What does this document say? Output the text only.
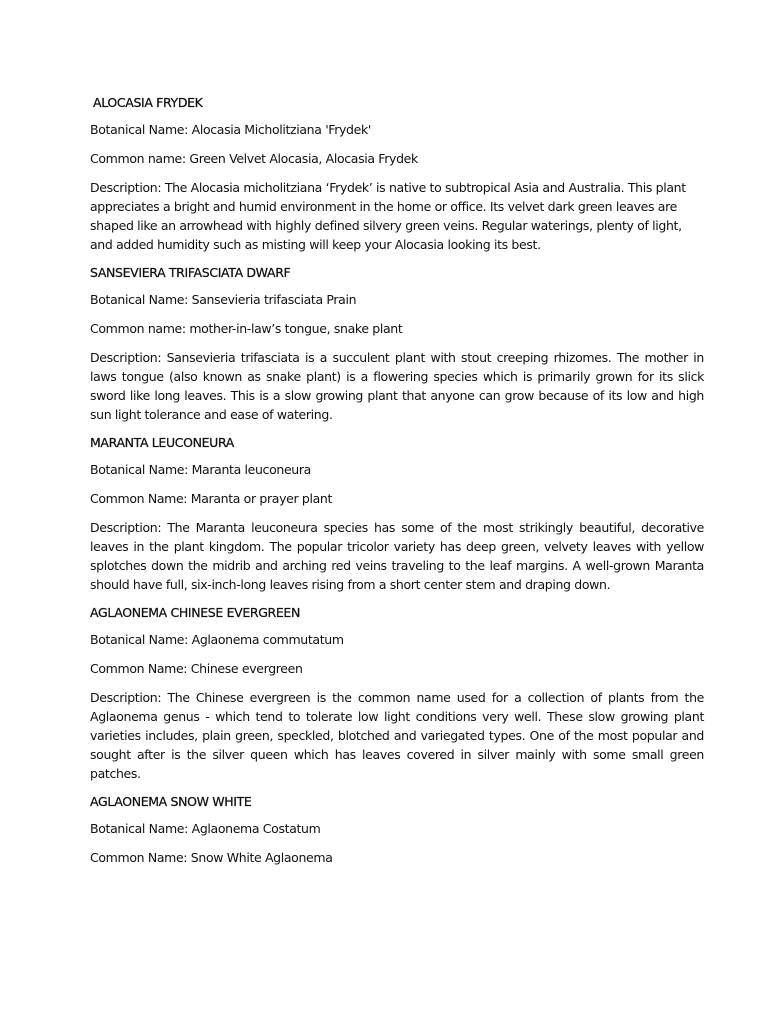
ALOCASIA FRYDEK
Botanical Name: Alocasia Micholitziana 'Frydek'
Common name: Green Velvet Alocasia, Alocasia Frydek
Description: The Alocasia micholitziana ‘Frydek’ is native to subtropical Asia and Australia. This plant appreciates a bright and humid environment in the home or office. Its velvet dark green leaves are shaped like an arrowhead with highly defined silvery green veins. Regular waterings, plenty of light, and added humidity such as misting will keep your Alocasia looking its best.
SANSEVIERA TRIFASCIATA DWARF
Botanical Name: Sansevieria trifasciata Prain
Common name: mother-in-law’s tongue, snake plant
Description: Sansevieria trifasciata is a succulent plant with stout creeping rhizomes. The mother in laws tongue (also known as snake plant) is a flowering species which is primarily grown for its slick sword like long leaves. This is a slow growing plant that anyone can grow because of its low and high sun light tolerance and ease of watering.
MARANTA LEUCONEURA
Botanical Name: Maranta leuconeura
Common Name: Maranta or prayer plant
Description: The Maranta leuconeura species has some of the most strikingly beautiful, decorative leaves in the plant kingdom. The popular tricolor variety has deep green, velvety leaves with yellow splotches down the midrib and arching red veins traveling to the leaf margins. A well-grown Maranta should have full, six-inch-long leaves rising from a short center stem and draping down.
AGLAONEMA CHINESE EVERGREEN
Botanical Name: Aglaonema commutatum
Common Name: Chinese evergreen
Description: The Chinese evergreen is the common name used for a collection of plants from the Aglaonema genus - which tend to tolerate low light conditions very well. These slow growing plant varieties includes, plain green, speckled, blotched and variegated types. One of the most popular and sought after is the silver queen which has leaves covered in silver mainly with some small green patches.
AGLAONEMA SNOW WHITE
Botanical Name: Aglaonema Costatum
Common Name: Snow White Aglaonema
